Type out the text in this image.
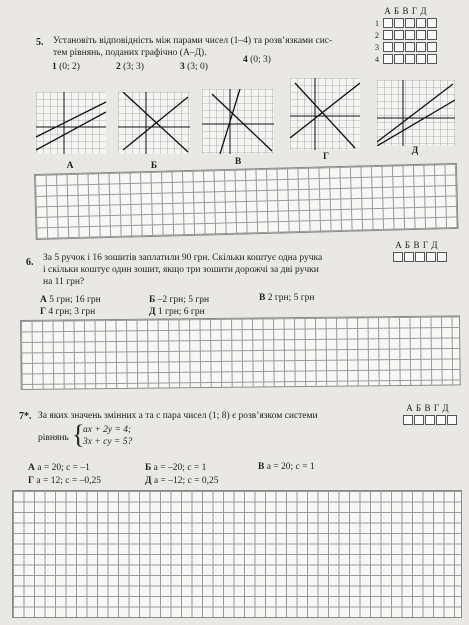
5. Установіть відповідність між парами чисел (1–4) та розв’язками сис-
тем рівнянь, поданих графічно (А–Д).
1 (0; 2)	2 (3; 3)	3 (3; 0)
4 (0; 3)
А Б В Г Д
1
2
3
4
А	Б	В	Г
Д
6. За 5 ручок і 16 зошитів заплатили 90 грн. Скільки коштує одна ручка
і скільки коштує один зошит, якщо три зошити дорожчі за дві ручки
на 11 грн?
А Б В Г Д
А 5 грн; 16 грн	Б –2 грн; 5 грн	В 2 грн; 5 грн
Г 4 грн; 3 грн	Д 1 грн; 6 грн
7*. За яких значень змінних a та c пара чисел (1; 8) є розв’язком системи
рівнянь {
ax + 2y = 4;
3x + cy = 5?
А Б В Г Д
А a = 20; c = –1	Б a = –20; c = 1	В a = 20; c = 1
Г a = 12; c = –0,25	Д a = –12; c = 0,25
